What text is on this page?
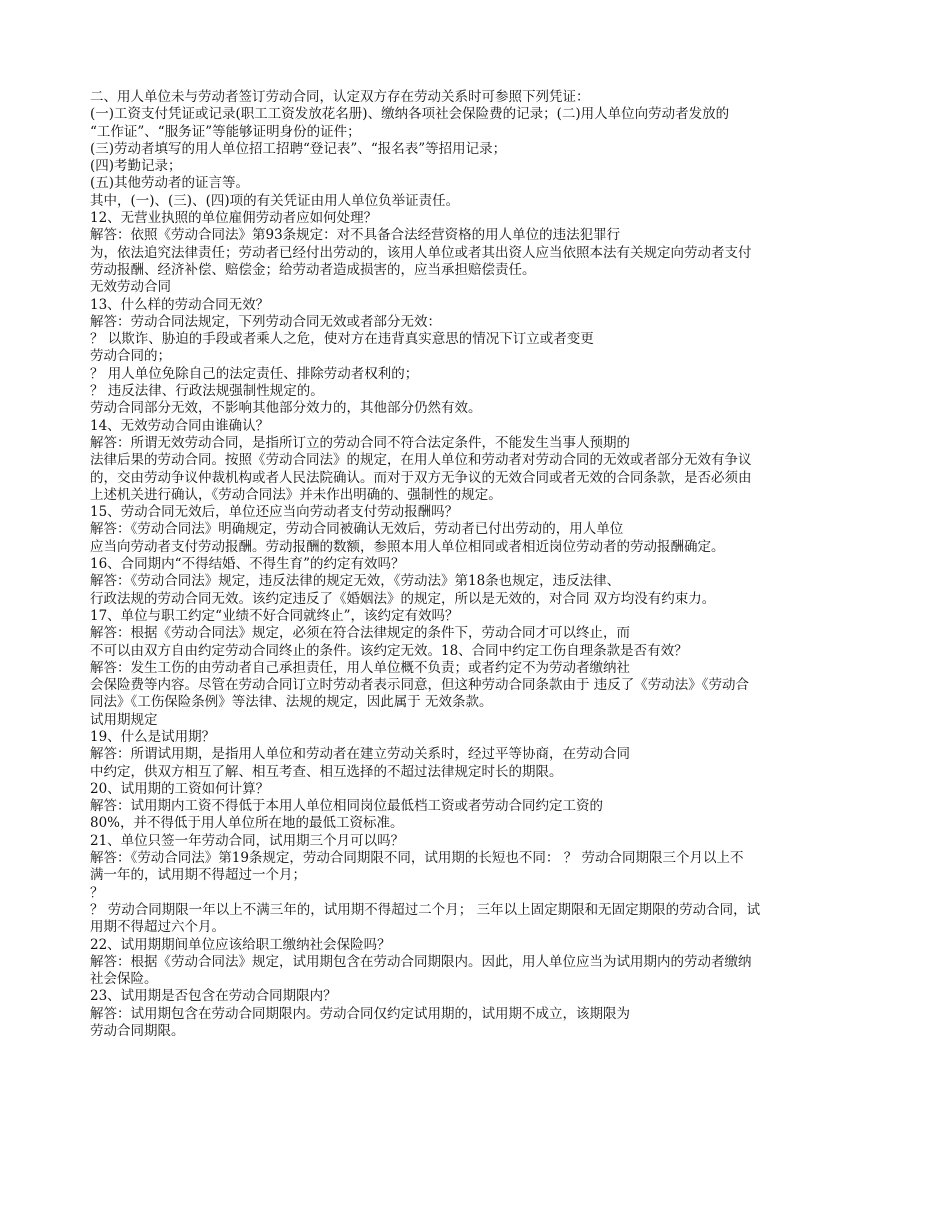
二、用人单位未与劳动者签订劳动合同，认定双方存在劳动关系时可参照下列凭证：
(一)工资支付凭证或记录(职工工资发放花名册)、缴纳各项社会保险费的记录；(二)用人单位向劳动者发放的
“工作证”、“服务证”等能够证明身份的证件；
(三)劳动者填写的用人单位招工招聘“登记表”、“报名表”等招用记录；
(四)考勤记录；
(五)其他劳动者的证言等。
其中，(一)、(三)、(四)项的有关凭证由用人单位负举证责任。
12、无营业执照的单位雇佣劳动者应如何处理？
解答：依照《劳动合同法》第93条规定：对不具备合法经营资格的用人单位的违法犯罪行
为，依法追究法律责任；劳动者已经付出劳动的，该用人单位或者其出资人应当依照本法有关规定向劳动者支付
劳动报酬、经济补偿、赔偿金；给劳动者造成损害的，应当承担赔偿责任。
无效劳动合同
13、什么样的劳动合同无效？
解答：劳动合同法规定，下列劳动合同无效或者部分无效：
？ 以欺诈、胁迫的手段或者乘人之危，使对方在违背真实意思的情况下订立或者变更
劳动合同的；
？ 用人单位免除自己的法定责任、排除劳动者权利的；
？ 违反法律、行政法规强制性规定的。
劳动合同部分无效，不影响其他部分效力的，其他部分仍然有效。
14、无效劳动合同由谁确认？
解答：所谓无效劳动合同，是指所订立的劳动合同不符合法定条件，不能发生当事人预期的
法律后果的劳动合同。按照《劳动合同法》的规定，在用人单位和劳动者对劳动合同的无效或者部分无效有争议
的，交由劳动争议仲裁机构或者人民法院确认。而对于双方无争议的无效合同或者无效的合同条款，是否必须由
上述机关进行确认，《劳动合同法》并未作出明确的、强制性的规定。
15、劳动合同无效后，单位还应当向劳动者支付劳动报酬吗？
解答：《劳动合同法》明确规定，劳动合同被确认无效后，劳动者已付出劳动的，用人单位
应当向劳动者支付劳动报酬。劳动报酬的数额，参照本用人单位相同或者相近岗位劳动者的劳动报酬确定。
16、合同期内“不得结婚、不得生育”的约定有效吗？
解答：《劳动合同法》规定，违反法律的规定无效，《劳动法》第18条也规定，违反法律、
行政法规的劳动合同无效。该约定违反了《婚姻法》的规定，所以是无效的，对合同 双方均没有约束力。
17、单位与职工约定“业绩不好合同就终止”，该约定有效吗？
解答：根据《劳动合同法》规定，必须在符合法律规定的条件下，劳动合同才可以终止，而
不可以由双方自由约定劳动合同终止的条件。该约定无效。18、合同中约定工伤自理条款是否有效？
解答：发生工伤的由劳动者自己承担责任，用人单位概不负责；或者约定不为劳动者缴纳社
会保险费等内容。尽管在劳动合同订立时劳动者表示同意，但这种劳动合同条款由于 违反了《劳动法》《劳动合
同法》《工伤保险条例》等法律、法规的规定，因此属于 无效条款。
试用期规定
19、什么是试用期？
解答：所谓试用期，是指用人单位和劳动者在建立劳动关系时，经过平等协商，在劳动合同
中约定，供双方相互了解、相互考查、相互选择的不超过法律规定时长的期限。
20、试用期的工资如何计算？
解答：试用期内工资不得低于本用人单位相同岗位最低档工资或者劳动合同约定工资的
80%，并不得低于用人单位所在地的最低工资标准。
21、单位只签一年劳动合同，试用期三个月可以吗？
解答：《劳动合同法》第19条规定，劳动合同期限不同，试用期的长短也不同： ？ 劳动合同期限三个月以上不
满一年的，试用期不得超过一个月；
？
？ 劳动合同期限一年以上不满三年的，试用期不得超过二个月； 三年以上固定期限和无固定期限的劳动合同，试
用期不得超过六个月。
22、试用期期间单位应该给职工缴纳社会保险吗？
解答：根据《劳动合同法》规定，试用期包含在劳动合同期限内。因此，用人单位应当为试用期内的劳动者缴纳
社会保险。
23、试用期是否包含在劳动合同期限内？
解答：试用期包含在劳动合同期限内。劳动合同仅约定试用期的，试用期不成立，该期限为
劳动合同期限。
